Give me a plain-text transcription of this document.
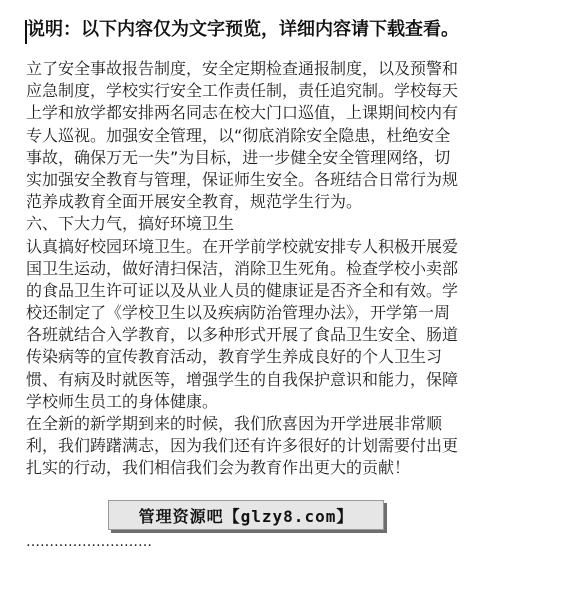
说明：以下内容仅为文字预览，详细内容请下载查看。
立了安全事故报告制度，安全定期检查通报制度，以及预警和
应急制度，学校实行安全工作责任制，责任追究制。学校每天
上学和放学都安排两名同志在校大门口巡值，上课期间校内有
专人巡视。加强安全管理，以“彻底消除安全隐患，杜绝安全
事故，确保万无一失”为目标，进一步健全安全管理网络，切
实加强安全教育与管理，保证师生安全。各班结合日常行为规
范养成教育全面开展安全教育，规范学生行为。
六、下大力气，搞好环境卫生
认真搞好校园环境卫生。在开学前学校就安排专人积极开展爱
国卫生运动，做好清扫保洁，消除卫生死角。检查学校小卖部
的食品卫生许可证以及从业人员的健康证是否齐全和有效。学
校还制定了《学校卫生以及疾病防治管理办法》，开学第一周
各班就结合入学教育，以多种形式开展了食品卫生安全、肠道
传染病等的宣传教育活动，教育学生养成良好的个人卫生习
惯、有病及时就医等，增强学生的自我保护意识和能力，保障
学校师生员工的身体健康。
在全新的新学期到来的时候，我们欣喜因为开学进展非常顺
利，我们踌躇满志，因为我们还有许多很好的计划需要付出更
扎实的行动，我们相信我们会为教育作出更大的贡献！
管理资源吧【glzy8.com】
………………………
